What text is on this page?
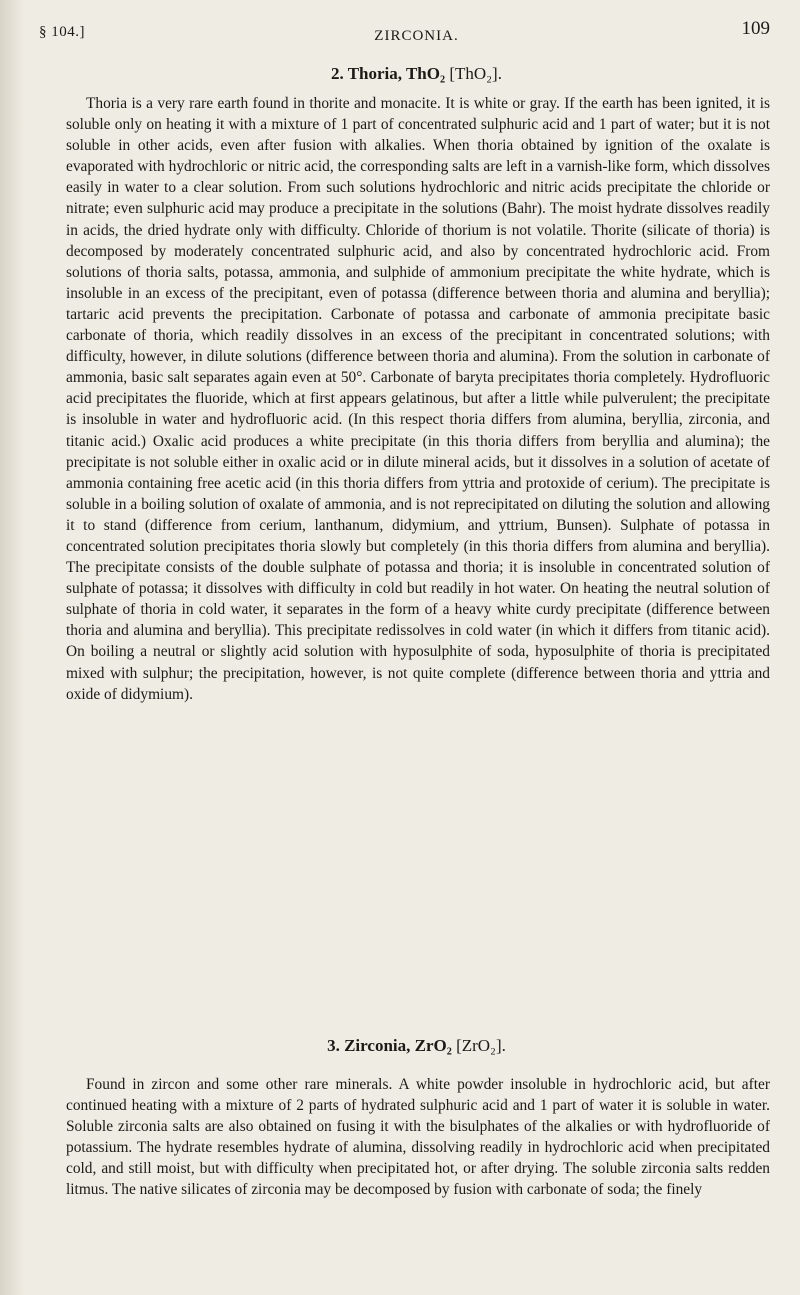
§ 104.]	ZIRCONIA.	109
2. Thoria, ThO₂ [ThO₂].

Thoria is a very rare earth found in thorite and monacite. It is white or gray. If the earth has been ignited, it is soluble only on heating it with a mixture of 1 part of concentrated sulphuric acid and 1 part of water; but it is not soluble in other acids, even after fusion with alkalies. When thoria obtained by ignition of the oxalate is evaporated with hydrochloric or nitric acid, the corresponding salts are left in a varnish-like form, which dissolves easily in water to a clear solution. From such solutions hydrochloric and nitric acids precipitate the chloride or nitrate; even sulphuric acid may produce a precipitate in the solutions (Bahr). The moist hydrate dissolves readily in acids, the dried hydrate only with difficulty. Chloride of thorium is not volatile. Thorite (silicate of thoria) is decomposed by moderately concentrated sulphuric acid, and also by concentrated hydrochloric acid. From solutions of thoria salts, potassa, ammonia, and sulphide of ammonium precipitate the white hydrate, which is insoluble in an excess of the precipitant, even of potassa (difference between thoria and alumina and beryllia); tartaric acid prevents the precipitation. Carbonate of potassa and carbonate of ammonia precipitate basic carbonate of thoria, which readily dissolves in an excess of the precipitant in concentrated solutions; with difficulty, however, in dilute solutions (difference between thoria and alumina). From the solution in carbonate of ammonia, basic salt separates again even at 50°. Carbonate of baryta precipitates thoria completely. Hydrofluoric acid precipitates the fluoride, which at first appears gelatinous, but after a little while pulverulent; the precipitate is insoluble in water and hydrofluoric acid. (In this respect thoria differs from alumina, beryllia, zirconia, and titanic acid.) Oxalic acid produces a white precipitate (in this thoria differs from beryllia and alumina); the precipitate is not soluble either in oxalic acid or in dilute mineral acids, but it dissolves in a solution of acetate of ammonia containing free acetic acid (in this thoria differs from yttria and protoxide of cerium). The precipitate is soluble in a boiling solution of oxalate of ammonia, and is not reprecipitated on diluting the solution and allowing it to stand (difference from cerium, lanthanum, didymium, and yttrium, Bunsen). Sulphate of potassa in concentrated solution precipitates thoria slowly but completely (in this thoria differs from alumina and beryllia). The precipitate consists of the double sulphate of potassa and thoria; it is insoluble in concentrated solution of sulphate of potassa; it dissolves with difficulty in cold but readily in hot water. On heating the neutral solution of sulphate of thoria in cold water, it separates in the form of a heavy white curdy precipitate (difference between thoria and alumina and beryllia). This precipitate redissolves in cold water (in which it differs from titanic acid). On boiling a neutral or slightly acid solution with hyposulphite of soda, hyposulphite of thoria is precipitated mixed with sulphur; the precipitation, however, is not quite complete (difference between thoria and yttria and oxide of didymium).

3. Zirconia, ZrO₂ [ZrO₂].

Found in zircon and some other rare minerals. A white powder insoluble in hydrochloric acid, but after continued heating with a mixture of 2 parts of hydrated sulphuric acid and 1 part of water it is soluble in water. Soluble zirconia salts are also obtained on fusing it with the bisulphates of the alkalies or with hydrofluoride of potassium. The hydrate resembles hydrate of alumina, dissolving readily in hydrochloric acid when precipitated cold, and still moist, but with difficulty when precipitated hot, or after drying. The soluble zirconia salts redden litmus. The native silicates of zirconia may be decomposed by fusion with carbonate of soda; the finely
